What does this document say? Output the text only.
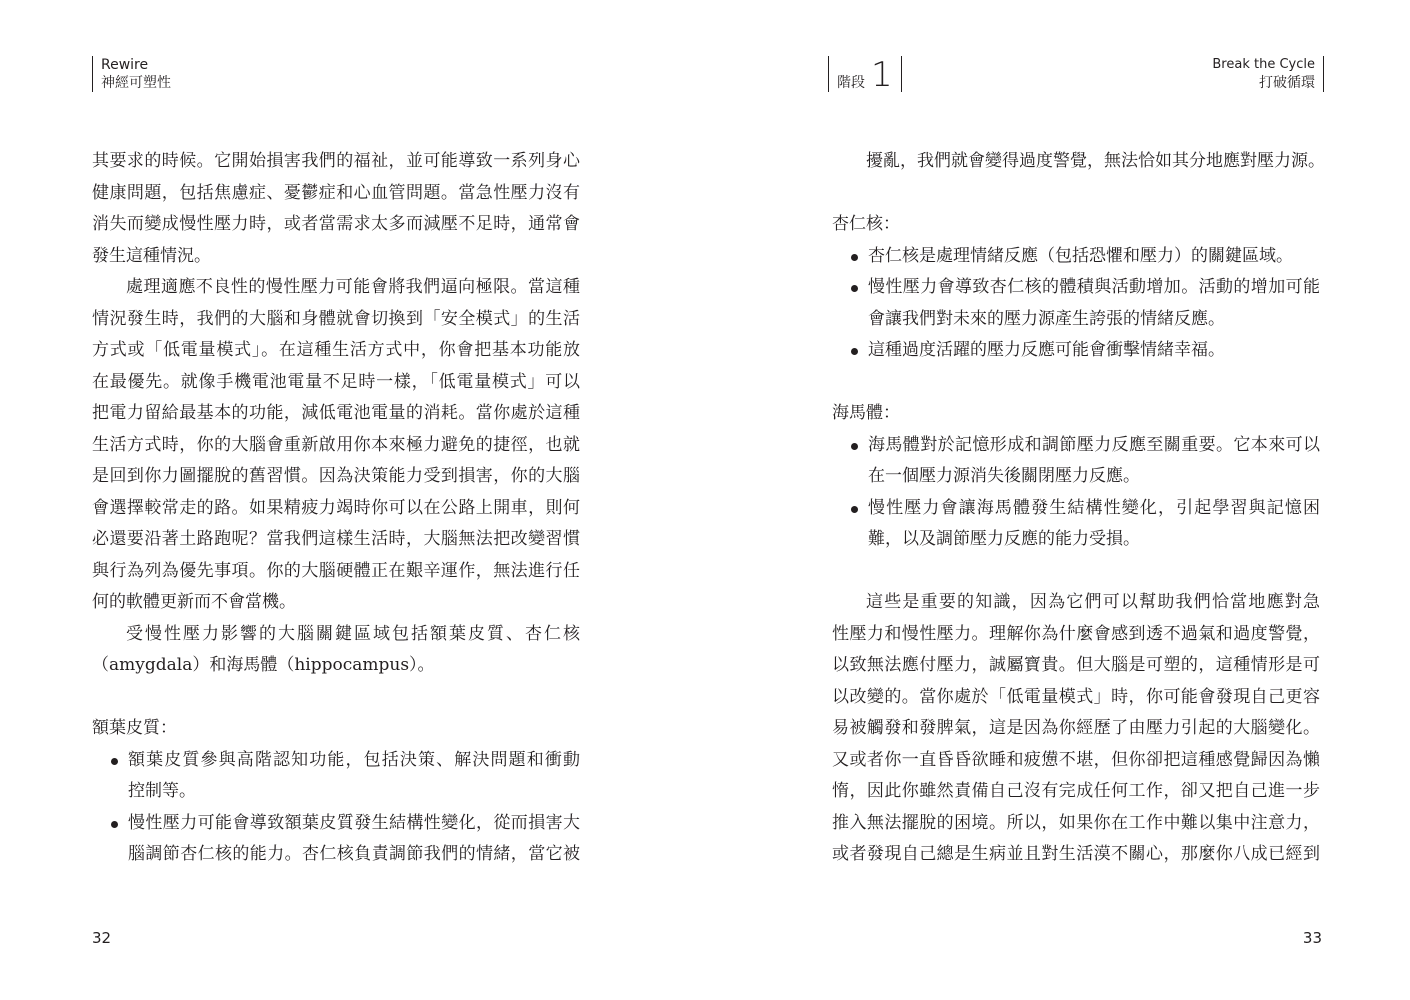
Rewire
神經可塑性
其要求的時候。它開始損害我們的福祉，並可能導致一系列身心
健康問題，包括焦慮症、憂鬱症和心血管問題。當急性壓力沒有
消失而變成慢性壓力時，或者當需求太多而減壓不足時，通常會
發生這種情況。
處理適應不良性的慢性壓力可能會將我們逼向極限。當這種
情況發生時，我們的大腦和身體就會切換到「安全模式」的生活
方式或「低電量模式」。在這種生活方式中，你會把基本功能放
在最優先。就像手機電池電量不足時一樣，「低電量模式」可以
把電力留給最基本的功能，減低電池電量的消耗。當你處於這種
生活方式時，你的大腦會重新啟用你本來極力避免的捷徑，也就
是回到你力圖擺脫的舊習慣。因為決策能力受到損害，你的大腦
會選擇較常走的路。如果精疲力竭時你可以在公路上開車，則何
必還要沿著土路跑呢？當我們這樣生活時，大腦無法把改變習慣
與行為列為優先事項。你的大腦硬體正在艱辛運作，無法進行任
何的軟體更新而不會當機。
受慢性壓力影響的大腦關鍵區域包括額葉皮質、杏仁核
（amygdala）和海馬體（hippocampus）。
額葉皮質：
額葉皮質參與高階認知功能，包括決策、解決問題和衝動
控制等。
慢性壓力可能會導致額葉皮質發生結構性變化，從而損害大
腦調節杏仁核的能力。杏仁核負責調節我們的情緒，當它被
32
階段 1	Break the Cycle
打破循環
擾亂，我們就會變得過度警覺，無法恰如其分地應對壓力源。
杏仁核：
杏仁核是處理情緒反應（包括恐懼和壓力）的關鍵區域。
慢性壓力會導致杏仁核的體積與活動增加。活動的增加可能
會讓我們對未來的壓力源產生誇張的情緒反應。
這種過度活躍的壓力反應可能會衝擊情緒幸福。
海馬體：
海馬體對於記憶形成和調節壓力反應至關重要。它本來可以
在一個壓力源消失後關閉壓力反應。
慢性壓力會讓海馬體發生結構性變化，引起學習與記憶困
難，以及調節壓力反應的能力受損。
這些是重要的知識，因為它們可以幫助我們恰當地應對急
性壓力和慢性壓力。理解你為什麼會感到透不過氣和過度警覺，
以致無法應付壓力，誠屬寶貴。但大腦是可塑的，這種情形是可
以改變的。當你處於「低電量模式」時，你可能會發現自己更容
易被觸發和發脾氣，這是因為你經歷了由壓力引起的大腦變化。
又或者你一直昏昏欲睡和疲憊不堪，但你卻把這種感覺歸因為懶
惰，因此你雖然責備自己沒有完成任何工作，卻又把自己進一步
推入無法擺脫的困境。所以，如果你在工作中難以集中注意力，
或者發現自己總是生病並且對生活漠不關心，那麼你八成已經到
33
